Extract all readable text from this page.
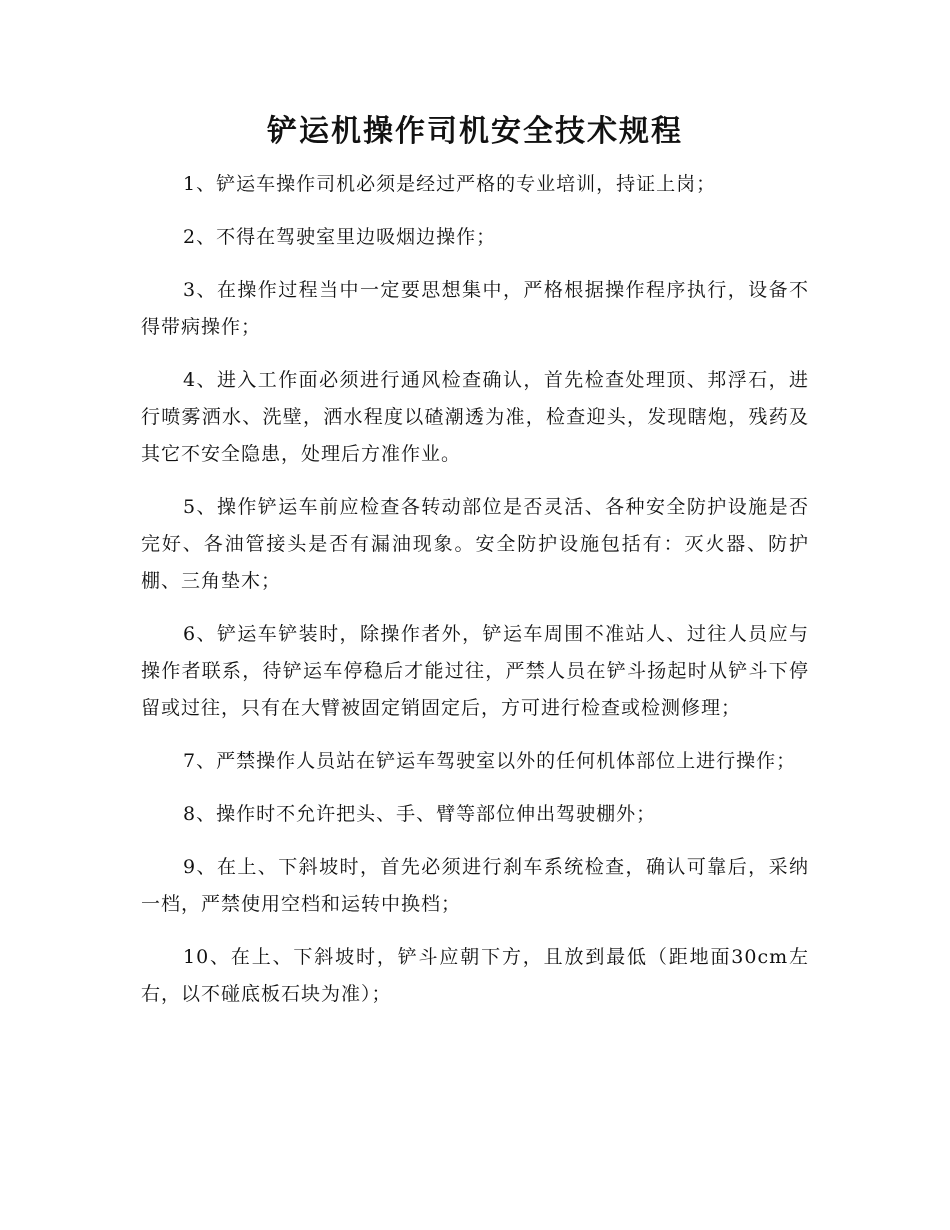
铲运机操作司机安全技术规程

1、铲运车操作司机必须是经过严格的专业培训，持证上岗；

2、不得在驾驶室里边吸烟边操作；

3、在操作过程当中一定要思想集中，严格根据操作程序执行，设备不得带病操作；

4、进入工作面必须进行通风检查确认，首先检查处理顶、邦浮石，进行喷雾洒水、洗壁，洒水程度以碴潮透为准，检查迎头，发现瞎炮，残药及其它不安全隐患，处理后方准作业。

5、操作铲运车前应检查各转动部位是否灵活、各种安全防护设施是否完好、各油管接头是否有漏油现象。安全防护设施包括有：灭火器、防护棚、三角垫木；

6、铲运车铲装时，除操作者外，铲运车周围不准站人、过往人员应与操作者联系，待铲运车停稳后才能过往，严禁人员在铲斗扬起时从铲斗下停留或过往，只有在大臂被固定销固定后，方可进行检查或检测修理；

7、严禁操作人员站在铲运车驾驶室以外的任何机体部位上进行操作；

8、操作时不允许把头、手、臂等部位伸出驾驶棚外；

9、在上、下斜坡时，首先必须进行刹车系统检查，确认可靠后，采纳一档，严禁使用空档和运转中换档；

10、在上、下斜坡时，铲斗应朝下方，且放到最低（距地面30cm左右，以不碰底板石块为准）；
